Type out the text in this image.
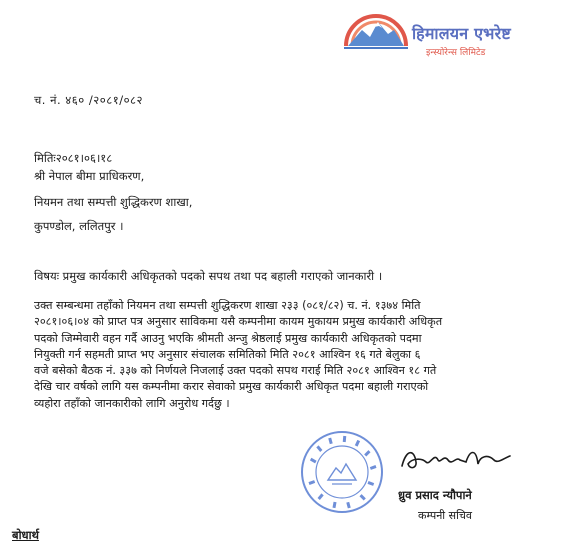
हिमालयन एभरेष्ट
इन्स्योरेन्स लिमिटेड
च. नं. ४६० /२०८१/०८२
मितिः२०८१।०६।१८
श्री नेपाल बीमा प्राधिकरण,
नियमन तथा सम्पत्ती शुद्धिकरण शाखा,
कुपण्डोल, ललितपुर ।
विषयः प्रमुख कार्यकारी अधिकृतको पदको सपथ तथा पद बहाली गराएको जानकारी ।
उक्त सम्बन्धमा तहाँको नियमन तथा सम्पत्ती शुद्धिकरण शाखा २३३ (०८१/८२) च. नं. १३७४ मिति
२०८१।०६।०४ को प्राप्त पत्र अनुसार साविकमा यसै कम्पनीमा कायम मुकायम प्रमुख कार्यकारी अधिकृत
पदको जिम्मेवारी वहन गर्दै आउनु भएकि श्रीमती अन्जु श्रेष्ठलाई प्रमुख कार्यकारी अधिकृतको पदमा
नियुक्ती गर्न सहमती प्राप्त भए अनुसार संचालक समितिको मिति २०८१ आश्विन १६ गते बेलुका ६
वजे बसेको बैठक नं. ३३७ को निर्णयले निजलाई उक्त पदको सपथ गराई मिति २०८१ आश्विन १८ गते
देखि चार वर्षको लागि यस कम्पनीमा करार सेवाको प्रमुख कार्यकारी अधिकृत पदमा बहाली गराएको
व्यहोरा तहाँको जानकारीको लागि अनुरोध गर्दछु ।
ध्रुव प्रसाद न्यौपाने
कम्पनी सचिव
बोधार्थ
